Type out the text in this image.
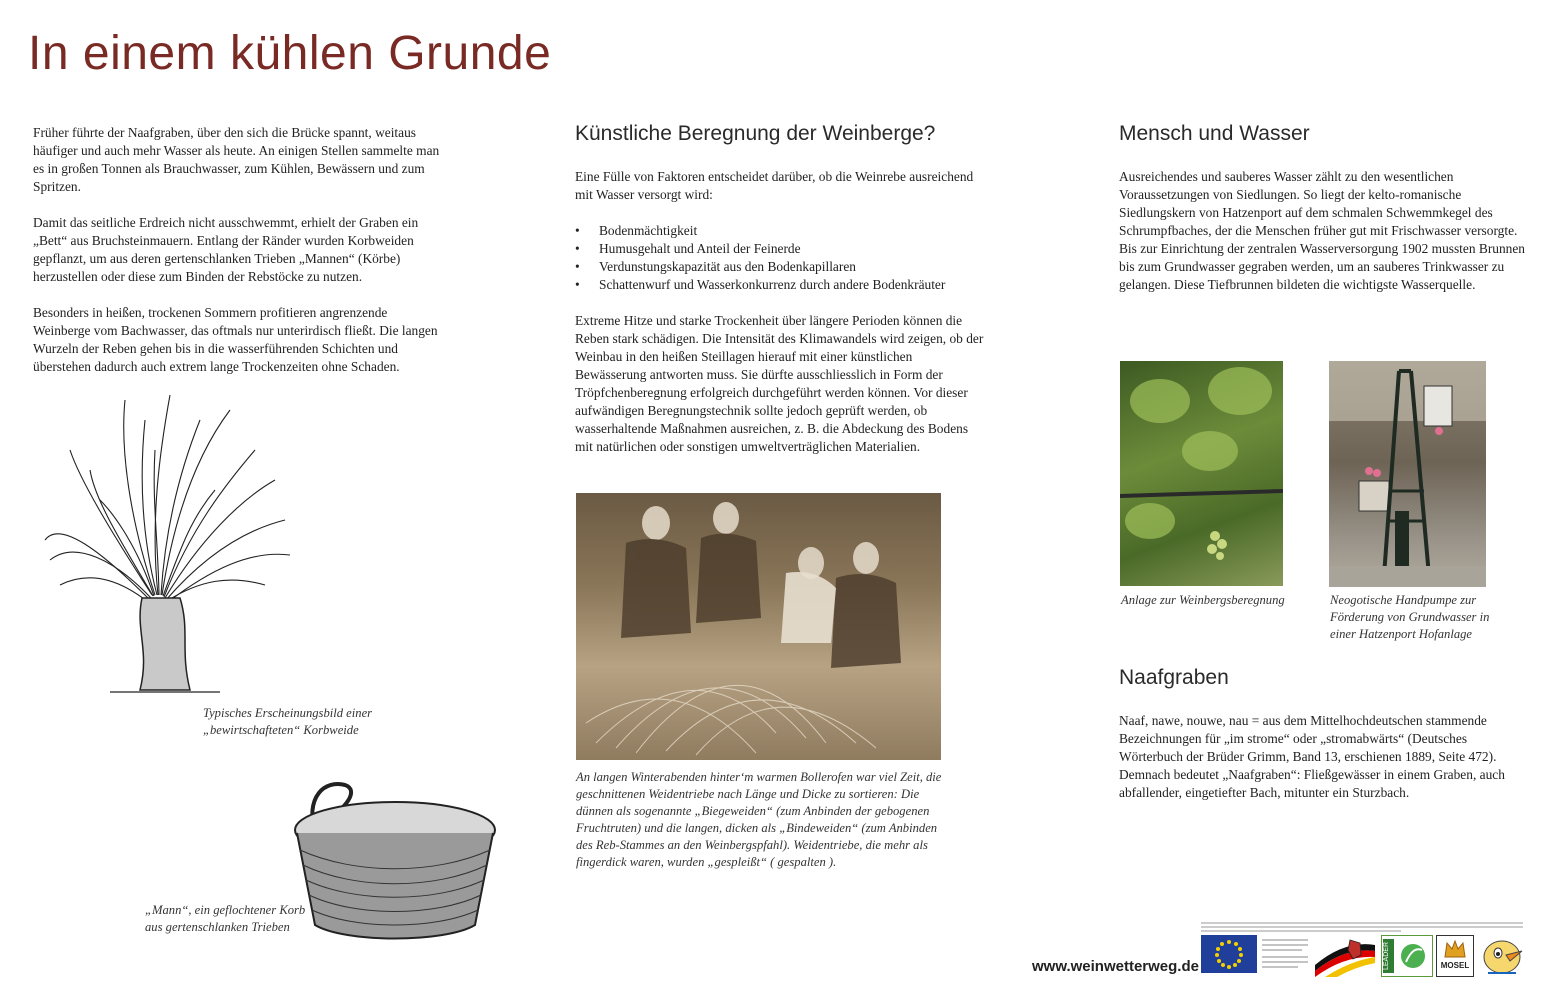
In einem kühlen Grunde

Früher führte der Naafgraben, über den sich die Brücke spannt, weitaus häufiger und auch mehr Wasser als heute. An einigen Stellen sammelte man es in großen Tonnen als Brauchwasser, zum Kühlen, Bewässern und zum Spritzen.

Damit das seitliche Erdreich nicht ausschwemmt, erhielt der Graben ein „Bett“ aus Bruchsteinmauern. Entlang der Ränder wurden Korbweiden gepflanzt, um aus deren gertenschlanken Trieben „Mannen“ (Körbe) herzustellen oder diese zum Binden der Rebstöcke zu nutzen.

Besonders in heißen, trockenen Sommern profitieren angrenzende Weinberge vom Bachwasser, das oftmals nur unterirdisch fließt. Die langen Wurzeln der Reben gehen bis in die wasserführenden Schichten und überstehen dadurch auch extrem lange Trockenzeiten ohne Schaden.

Typisches Erscheinungsbild einer

„bewirtschafteten“ Korbweide

„Mann“, ein geflochtener Korb

aus gertenschlanken Trieben

Künstliche Beregnung der Weinberge?

Eine Fülle von Faktoren entscheidet darüber, ob die Weinrebe ausreichend mit Wasser versorgt wird:

• Bodenmächtigkeit
• Humusgehalt und Anteil der Feinerde
• Verdunstungskapazität aus den Bodenkapillaren
• Schattenwurf und Wasserkonkurrenz durch andere Bodenkräuter

Extreme Hitze und starke Trockenheit über längere Perioden können die Reben stark schädigen. Die Intensität des Klimawandels wird zeigen, ob der Weinbau in den heißen Steillagen hierauf mit einer künstlichen Bewässerung antworten muss. Sie dürfte ausschliesslich in Form der Tröpfchenberegnung erfolgreich durchgeführt werden können. Vor dieser aufwändigen Beregnungstechnik sollte jedoch geprüft werden, ob wasserhaltende Maßnahmen ausreichen, z. B. die Abdeckung des Bodens mit natürlichen oder sonstigen umweltverträglichen Materialien.

An langen Winterabenden hinter‘m warmen Bollerofen war viel Zeit, die geschnittenen Weidentriebe nach Länge und Dicke zu sortieren: Die dünnen als sogenannte „Biegeweiden“ (zum Anbinden der gebogenen Fruchtruten) und die langen, dicken als „Bindeweiden“ (zum Anbinden des Reb-Stammes an den Weinbergspfahl). Weidentriebe, die mehr als fingerdick waren, wurden „gespleißt“ ( gespalten ).

Mensch und Wasser

Ausreichendes und sauberes Wasser zählt zu den wesentlichen Voraussetzungen von Siedlungen. So liegt der kelto-romanische Siedlungskern von Hatzenport auf dem schmalen Schwemmkegel des Schrumpfbaches, der die Menschen früher gut mit Frischwasser versorgte. Bis zur Einrichtung der zentralen Wasserversorgung 1902 mussten Brunnen bis zum Grundwasser gegraben werden, um an sauberes Trinkwasser zu gelangen. Diese Tiefbrunnen bildeten die wichtigste Wasserquelle.

Anlage zur Weinbergsberegnung	Neogotische Handpumpe zur Förderung von Grundwasser in einer Hatzenport Hofanlage

Naafgraben

Naaf, nawe, nouwe, nau = aus dem Mittelhochdeutschen stammende Bezeichnungen für „im strome“ oder „stromabwärts“ (Deutsches Wörterbuch der Brüder Grimm, Band 13, erschienen 1889, Seite 472). Demnach bedeutet „Naafgraben“: Fließgewässer in einem Graben, auch abfallender, eingetiefter Bach, mitunter ein Sturzbach.

www.weinwetterweg.de	LEADER	MOSEL
